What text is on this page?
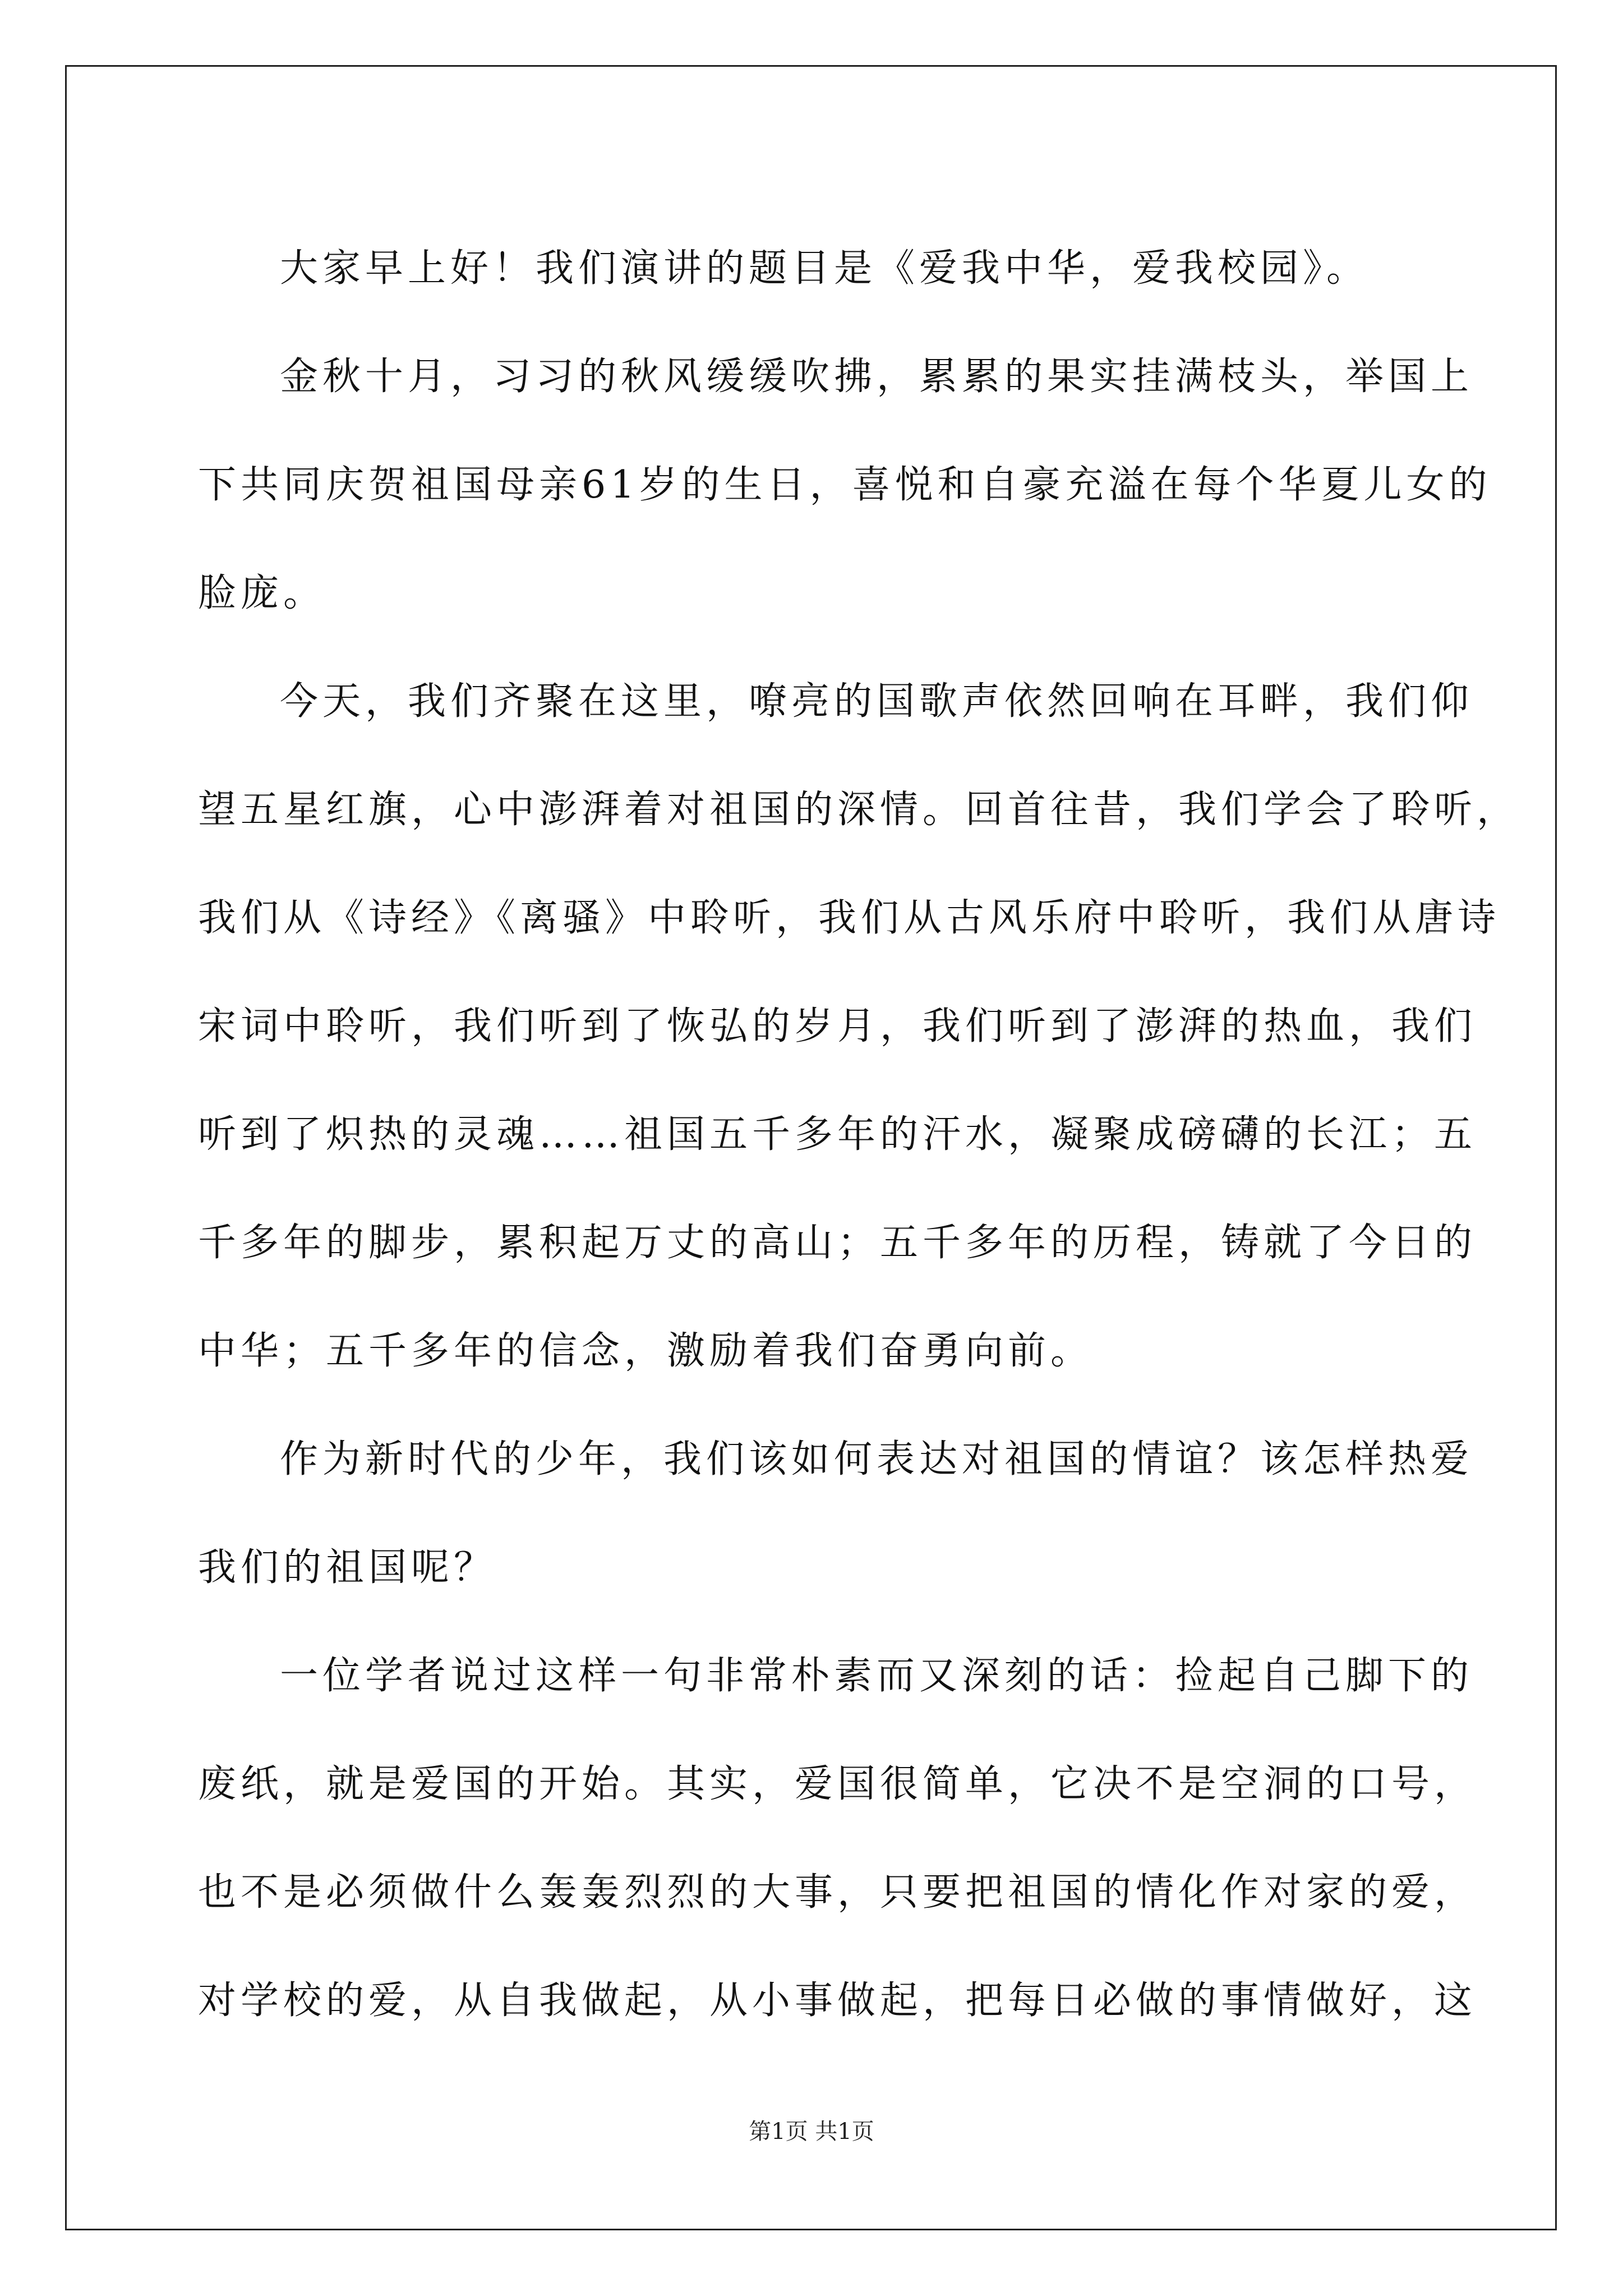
大家早上好！我们演讲的题目是《爱我中华，爱我校园》。
金秋十月，习习的秋风缓缓吹拂，累累的果实挂满枝头，举国上
下共同庆贺祖国母亲61岁的生日，喜悦和自豪充溢在每个华夏儿女的
脸庞。
今天，我们齐聚在这里，嘹亮的国歌声依然回响在耳畔，我们仰
望五星红旗，心中澎湃着对祖国的深情。回首往昔，我们学会了聆听，
我们从《诗经》《离骚》中聆听，我们从古风乐府中聆听，我们从唐诗
宋词中聆听，我们听到了恢弘的岁月，我们听到了澎湃的热血，我们
听到了炽热的灵魂……祖国五千多年的汗水，凝聚成磅礴的长江；五
千多年的脚步，累积起万丈的高山；五千多年的历程，铸就了今日的
中华；五千多年的信念，激励着我们奋勇向前。
作为新时代的少年，我们该如何表达对祖国的情谊？该怎样热爱
我们的祖国呢？
一位学者说过这样一句非常朴素而又深刻的话：捡起自己脚下的
废纸，就是爱国的开始。其实，爱国很简单，它决不是空洞的口号，
也不是必须做什么轰轰烈烈的大事，只要把祖国的情化作对家的爱，
对学校的爱，从自我做起，从小事做起，把每日必做的事情做好，这
第1页 共1页
